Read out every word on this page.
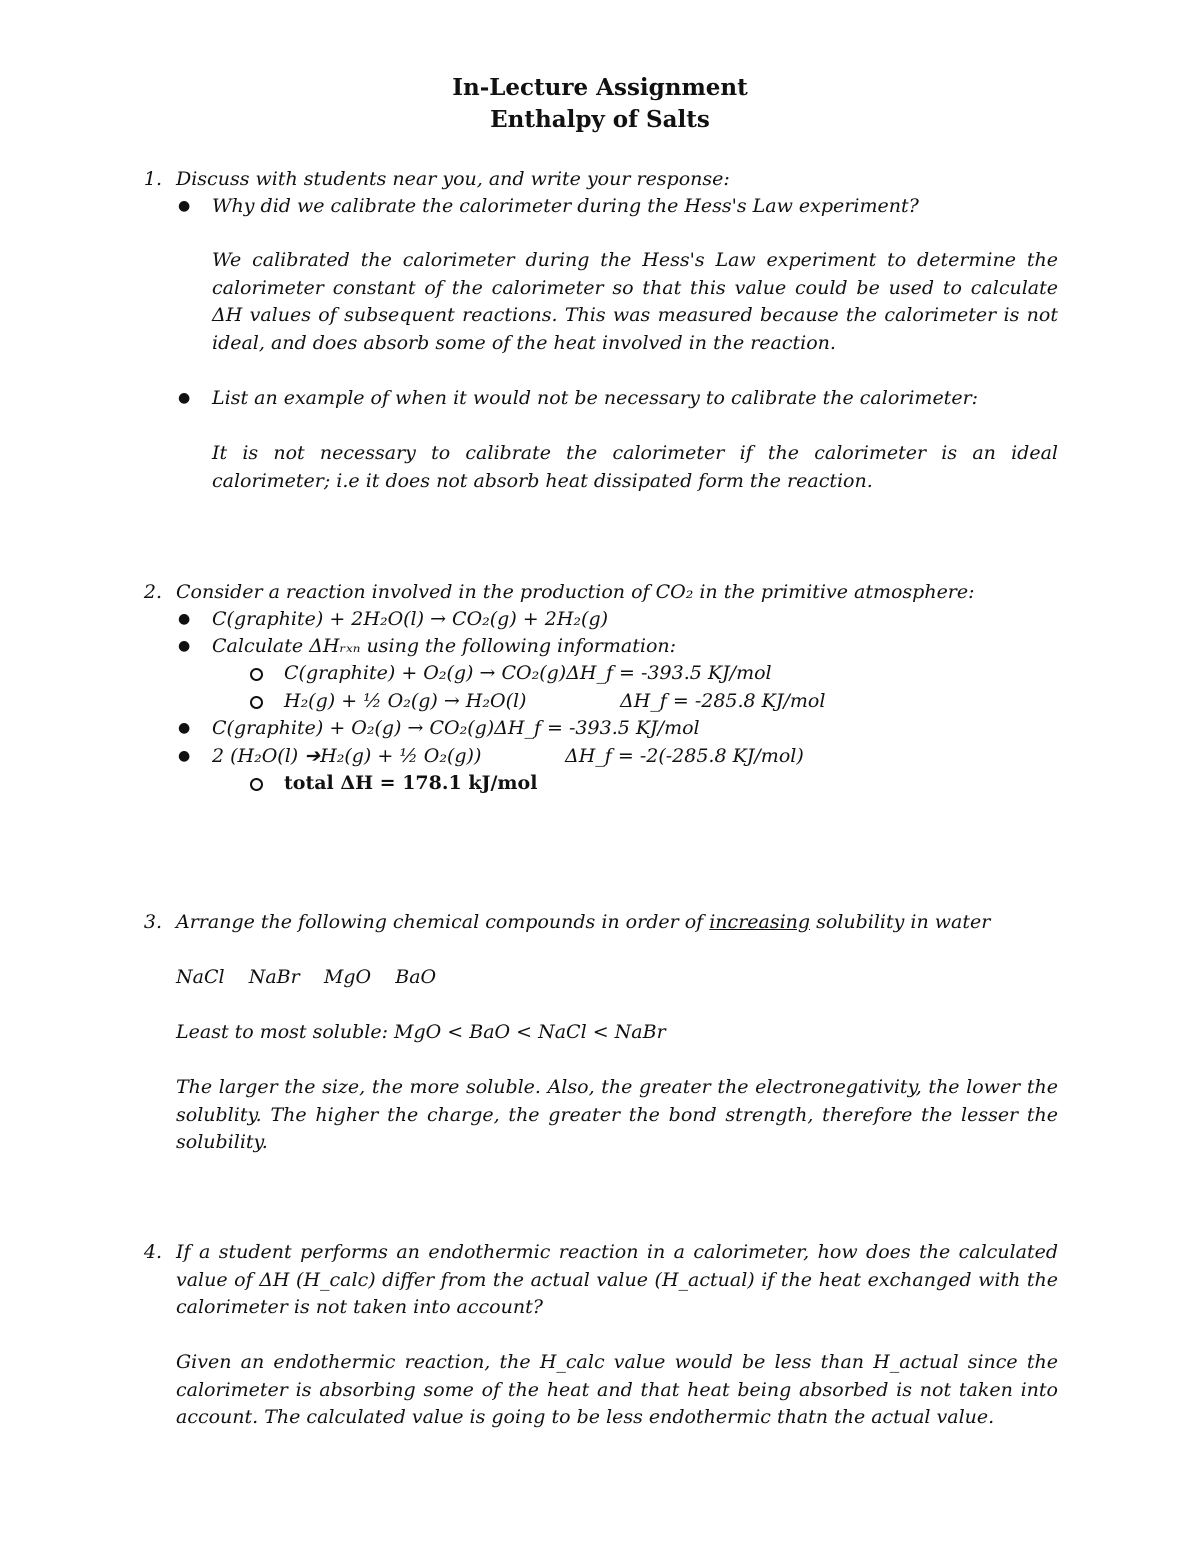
In-Lecture Assignment
Enthalpy of Salts
1. Discuss with students near you, and write your response:
● Why did we calibrate the calorimeter during the Hess's Law experiment?
We calibrated the calorimeter during the Hess's Law experiment to determine the calorimeter constant of the calorimeter so that this value could be used to calculate ΔH values of subsequent reactions. This was measured because the calorimeter is not ideal, and does absorb some of the heat involved in the reaction.
● List an example of when it would not be necessary to calibrate the calorimeter:
It is not necessary to calibrate the calorimeter if the calorimeter is an ideal calorimeter; i.e it does not absorb heat dissipated form the reaction.
2. Consider a reaction involved in the production of CO₂ in the primitive atmosphere:
● C(graphite) + 2H₂O(l) → CO₂(g) + 2H₂(g)
● Calculate ΔHᵣₓₙ using the following information:
C(graphite) + O₂(g) → CO₂(g)ΔH_f = -393.5 KJ/mol
H₂(g) + ½ O₂(g) → H₂O(l)	ΔH_f = -285.8 KJ/mol
● C(graphite) + O₂(g) → CO₂(g)ΔH_f = -393.5 KJ/mol
● 2 (H₂O(l) ➔H₂(g) + ½ O₂(g))	ΔH_f = -2(-285.8 KJ/mol)
total ΔH = 178.1 kJ/mol
3. Arrange the following chemical compounds in order of increasing solubility in water
NaCl    NaBr    MgO    BaO
Least to most soluble: MgO < BaO < NaCl < NaBr
The larger the size, the more soluble. Also, the greater the electronegativity, the lower the solublity. The higher the charge, the greater the bond strength, therefore the lesser the solubility.
4. If a student performs an endothermic reaction in a calorimeter, how does the calculated value of ΔH (H_calc) differ from the actual value (H_actual) if the heat exchanged with the calorimeter is not taken into account?
Given an endothermic reaction, the H_calc value would be less than H_actual since the calorimeter is absorbing some of the heat and that heat being absorbed is not taken into account. The calculated value is going to be less endothermic thatn the actual value.
